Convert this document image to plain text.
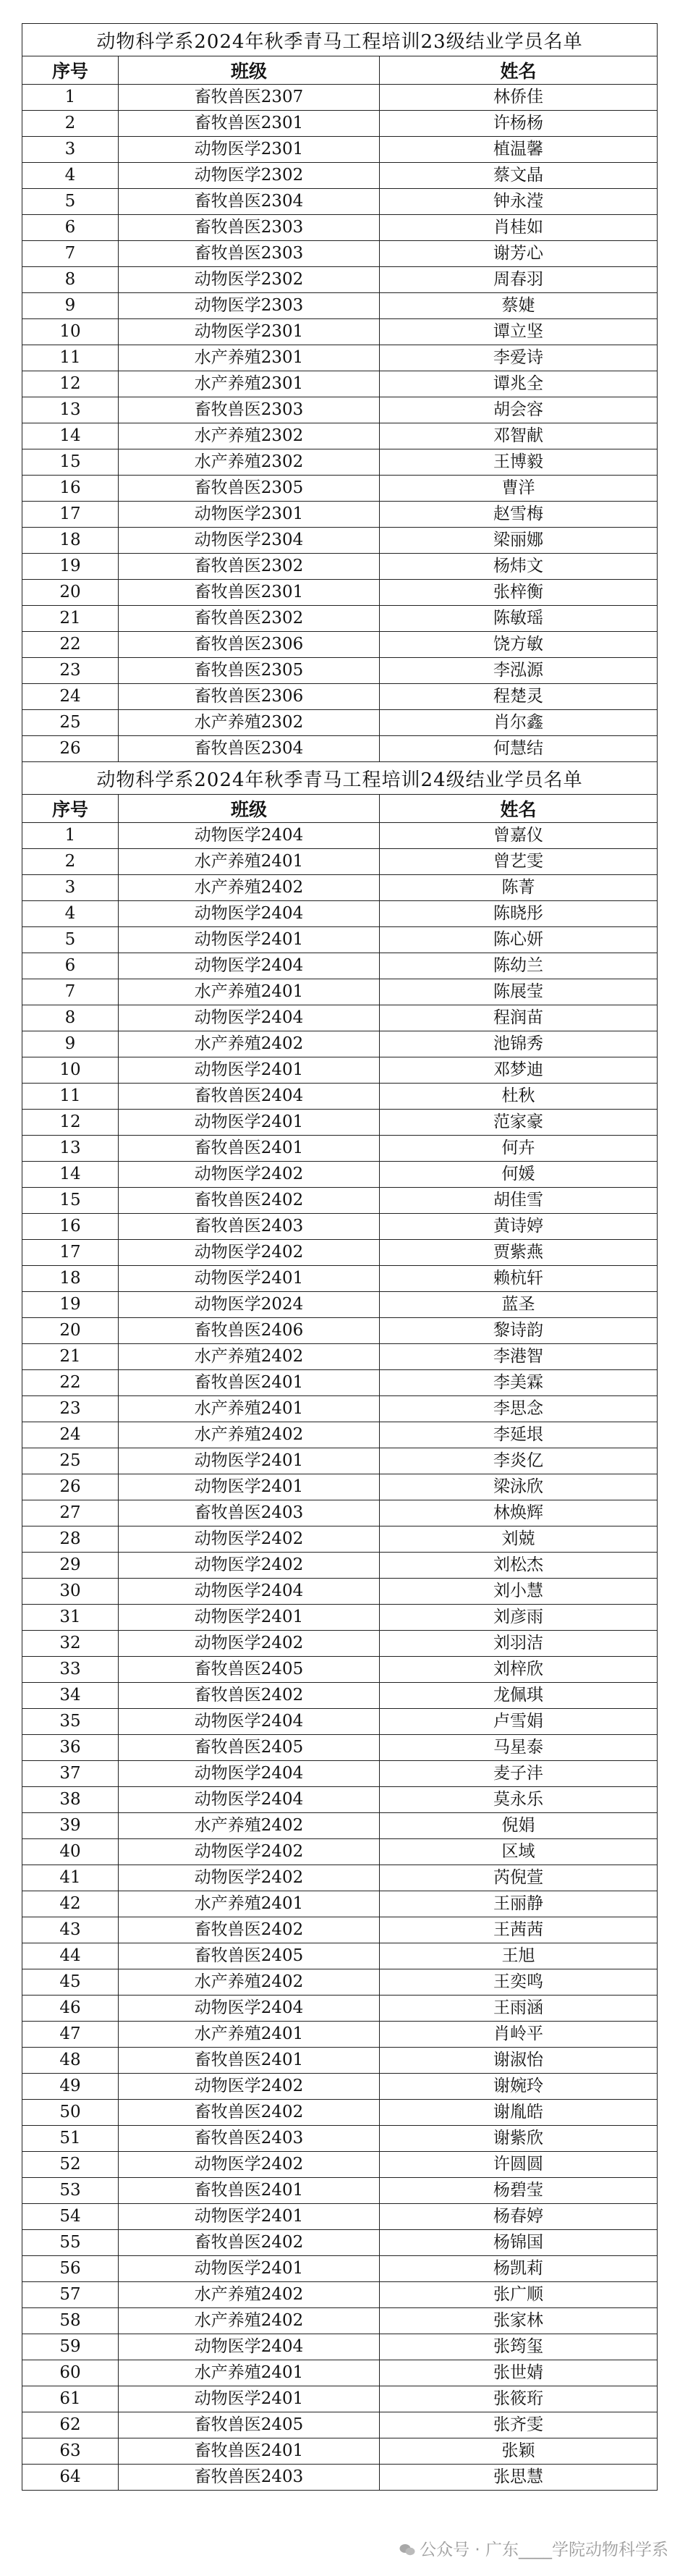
动物科学系2024年秋季青马工程培训23级结业学员名单		
序号	班级	姓名
1	畜牧兽医2307	林侨佳
2	畜牧兽医2301	许杨杨
3	动物医学2301	植温馨
4	动物医学2302	蔡文晶
5	畜牧兽医2304	钟永滢
6	畜牧兽医2303	肖桂如
7	畜牧兽医2303	谢芳心
8	动物医学2302	周春羽
9	动物医学2303	蔡婕
10	动物医学2301	谭立坚
11	水产养殖2301	李爱诗
12	水产养殖2301	谭兆全
13	畜牧兽医2303	胡会容
14	水产养殖2302	邓智献
15	水产养殖2302	王博毅
16	畜牧兽医2305	曹洋
17	动物医学2301	赵雪梅
18	动物医学2304	梁丽娜
19	畜牧兽医2302	杨炜文
20	畜牧兽医2301	张梓衡
21	畜牧兽医2302	陈敏瑶
22	畜牧兽医2306	饶方敏
23	畜牧兽医2305	李泓源
24	畜牧兽医2306	程楚灵
25	水产养殖2302	肖尔鑫
26	畜牧兽医2304	何慧结
动物科学系2024年秋季青马工程培训24级结业学员名单		
序号	班级	姓名
1	动物医学2404	曾嘉仪
2	水产养殖2401	曾艺雯
3	水产养殖2402	陈菁
4	动物医学2404	陈晓彤
5	动物医学2401	陈心妍
6	动物医学2404	陈幼兰
7	水产养殖2401	陈展莹
8	动物医学2404	程润苗
9	水产养殖2402	池锦秀
10	动物医学2401	邓梦迪
11	畜牧兽医2404	杜秋
12	动物医学2401	范家豪
13	畜牧兽医2401	何卉
14	动物医学2402	何媛
15	畜牧兽医2402	胡佳雪
16	畜牧兽医2403	黄诗婷
17	动物医学2402	贾紫燕
18	动物医学2401	赖杭轩
19	动物医学2024	蓝圣
20	畜牧兽医2406	黎诗韵
21	水产养殖2402	李港智
22	畜牧兽医2401	李美霖
23	水产养殖2401	李思念
24	水产养殖2402	李延垠
25	动物医学2401	李炎亿
26	动物医学2401	梁泳欣
27	畜牧兽医2403	林焕辉
28	动物医学2402	刘兢
29	动物医学2402	刘松杰
30	动物医学2404	刘小慧
31	动物医学2401	刘彦雨
32	动物医学2402	刘羽洁
33	畜牧兽医2405	刘梓欣
34	畜牧兽医2402	龙佩琪
35	动物医学2404	卢雪娟
36	畜牧兽医2405	马星泰
37	动物医学2404	麦子沣
38	动物医学2404	莫永乐
39	水产养殖2402	倪娟
40	动物医学2402	区域
41	动物医学2402	芮倪萱
42	水产养殖2401	王丽静
43	畜牧兽医2402	王茜茜
44	畜牧兽医2405	王旭
45	水产养殖2402	王奕鸣
46	动物医学2404	王雨涵
47	水产养殖2401	肖岭平
48	畜牧兽医2401	谢淑怡
49	动物医学2402	谢婉玲
50	畜牧兽医2402	谢胤皓
51	畜牧兽医2403	谢紫欣
52	动物医学2402	许圆圆
53	畜牧兽医2401	杨碧莹
54	动物医学2401	杨春婷
55	畜牧兽医2402	杨锦国
56	动物医学2401	杨凯莉
57	水产养殖2402	张广顺
58	水产养殖2402	张家林
59	动物医学2404	张筠玺
60	水产养殖2401	张世婧
61	动物医学2401	张筱珩
62	畜牧兽医2405	张齐雯
63	畜牧兽医2401	张颖
64	畜牧兽医2403	张思慧
公众号 · 广东____学院动物科学系
